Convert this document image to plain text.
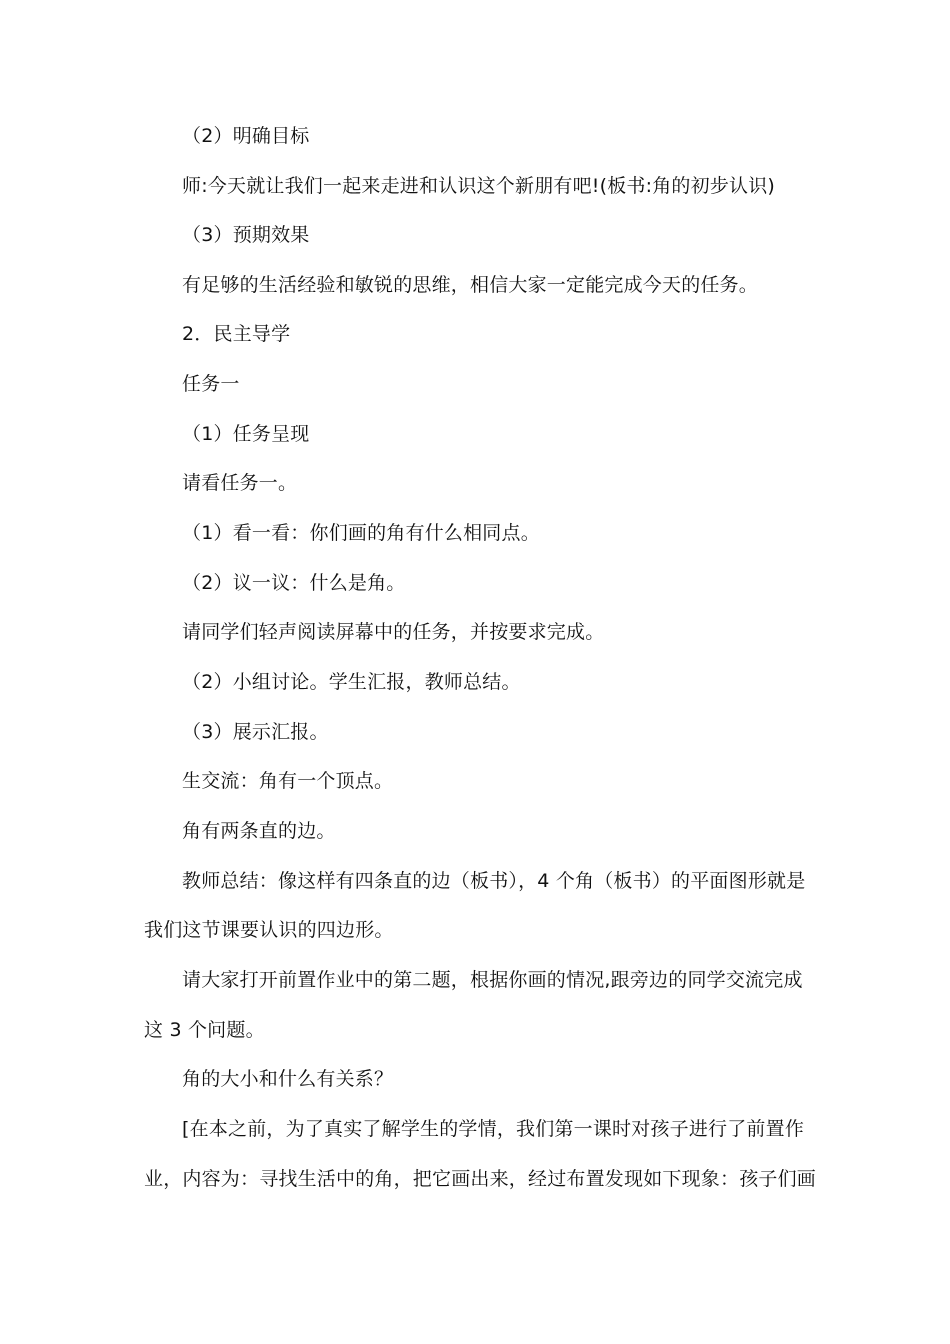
（2）明确目标
师:今天就让我们一起来走进和认识这个新朋有吧!(板书:角的初步认识)
（3）预期效果
有足够的生活经验和敏锐的思维，相信大家一定能完成今天的任务。
2．民主导学
任务一
（1）任务呈现
请看任务一。
（1）看一看：你们画的角有什么相同点。
（2）议一议：什么是角。
请同学们轻声阅读屏幕中的任务，并按要求完成。
（2）小组讨论。学生汇报，教师总结。
（3）展示汇报。
生交流：角有一个顶点。
角有两条直的边。
教师总结：像这样有四条直的边（板书），4 个角（板书）的平面图形就是
我们这节课要认识的四边形。
请大家打开前置作业中的第二题，根据你画的情况,跟旁边的同学交流完成
这 3 个问题。
角的大小和什么有关系？
[在本之前，为了真实了解学生的学情，我们第一课时对孩子进行了前置作
业，内容为：寻找生活中的角，把它画出来，经过布置发现如下现象：孩子们画
